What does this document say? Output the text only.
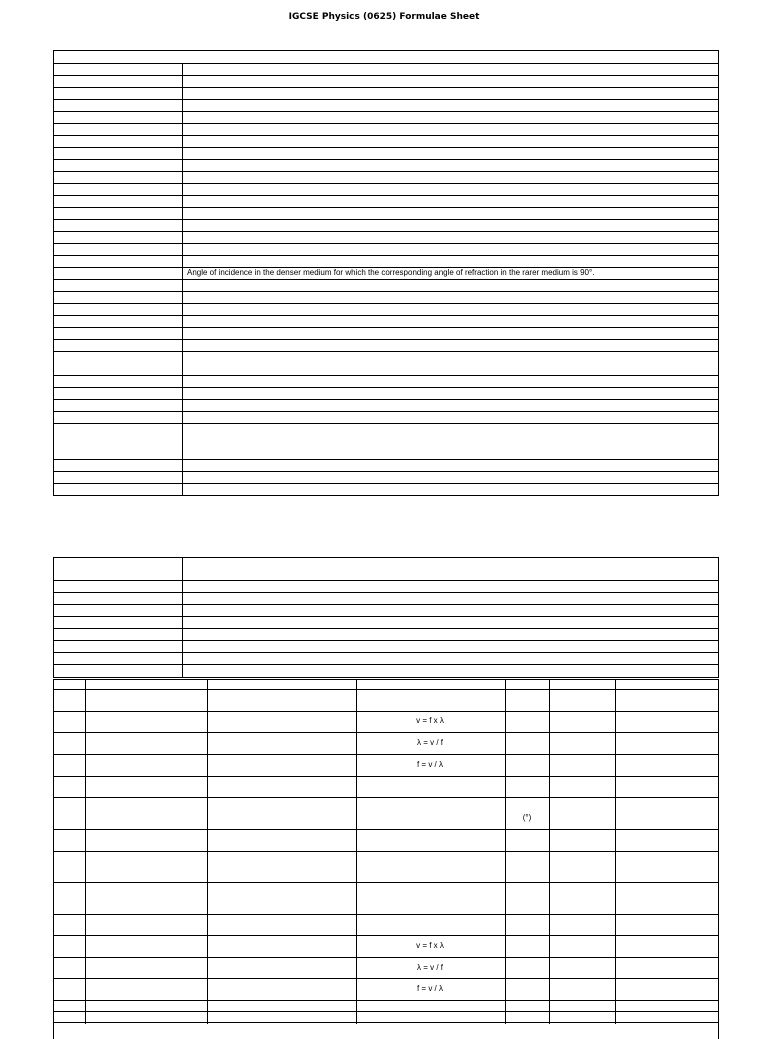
IGCSE Physics (0625) Formulae Sheet
Angle of incidence in the denser medium for which the corresponding angle of refraction in the rarer medium is 90°.
v = f x λ
λ = v / f
f = v / λ
(°)
v = f x λ
λ = v / f
f = v / λ
